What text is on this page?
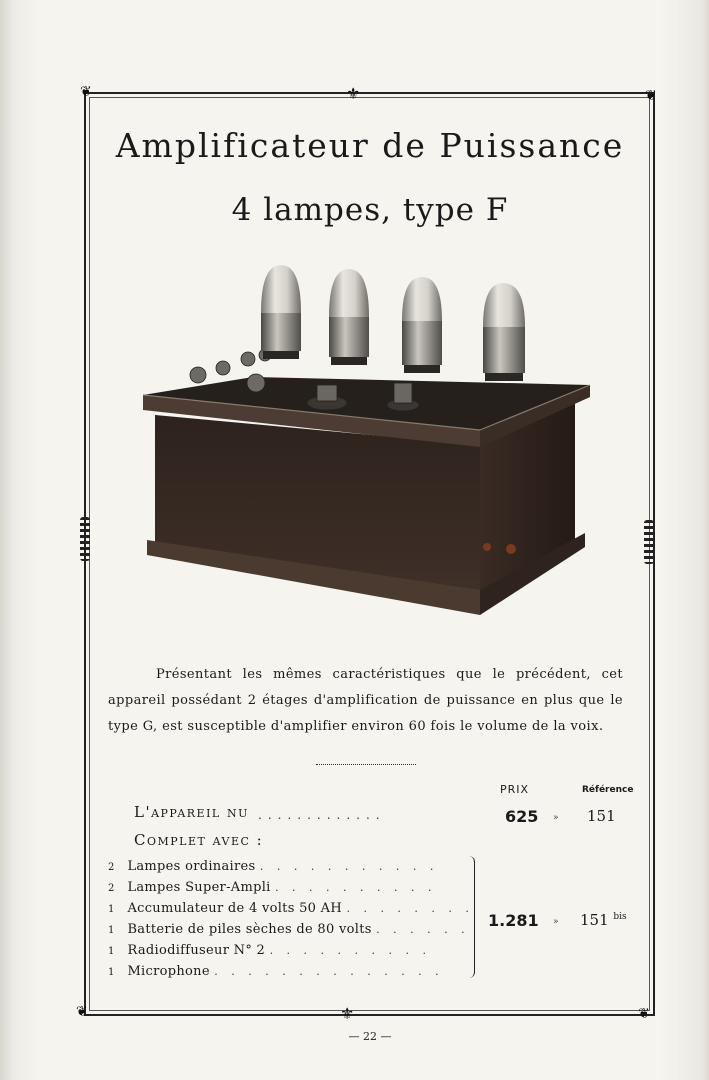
❦	❦
❦	❦
⚜
⚜
Amplificateur de Puissance
4 lampes, type F
Présentant les mêmes caractéristiques que le précédent, cet appareil possédant 2 étages d'amplification de puissance en plus que le type G, est susceptible d'amplifier environ 60 fois le volume de la voix.
PRIX	Référence
L'appareil nu .............	625 » 151
Complet avec :
2 Lampes ordinaires . . . . . . . . . . .
2 Lampes Super-Ampli . . . . . . . . . .
1 Accumulateur de 4 volts 50 AH . . . . . . . .
1 Batterie de piles sèches de 80 volts . . . . . .
1 Radiodiffuseur N° 2 . . . . . . . . . .
1 Microphone . . . . . . . . . . . . . .
1.281 » 151 $^{bis}$
— 22 —
